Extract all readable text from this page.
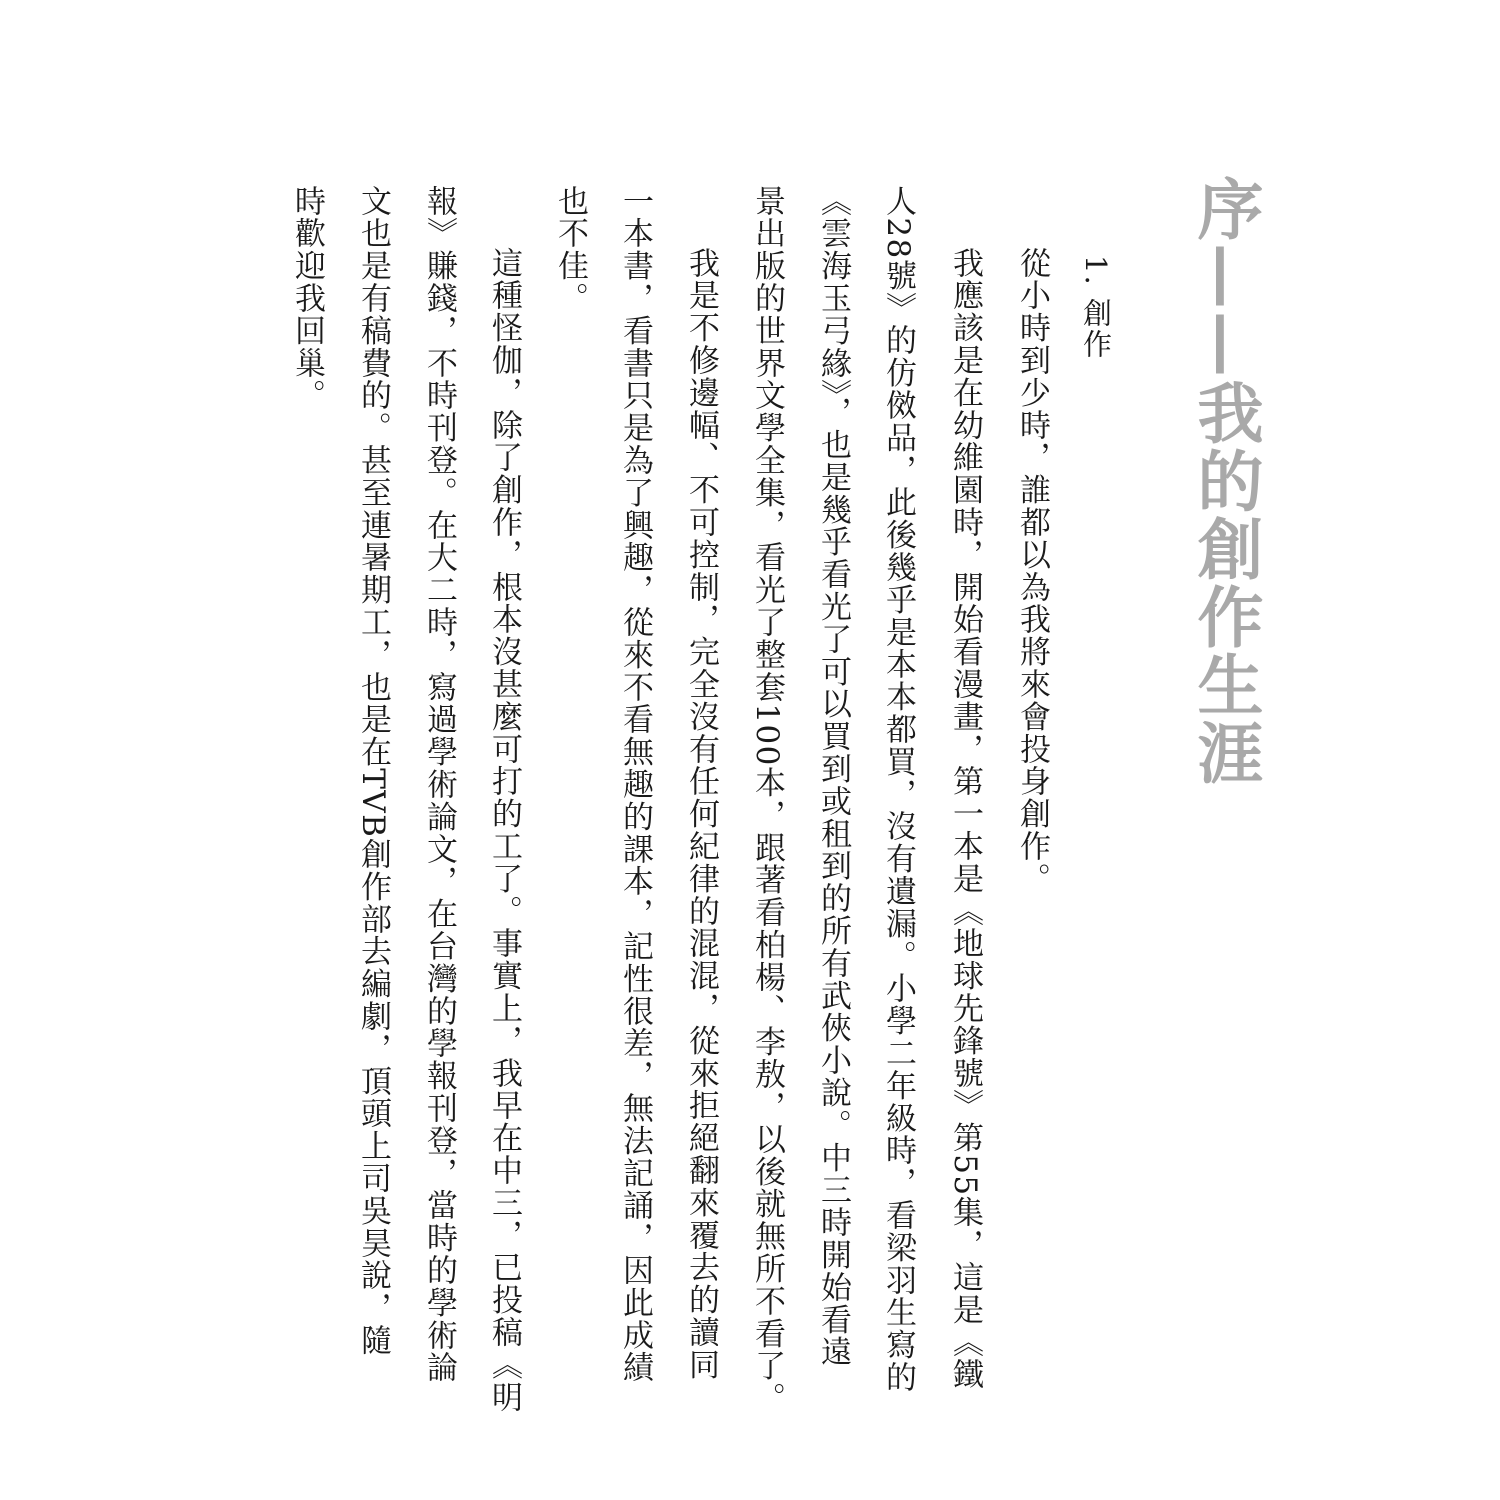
序——我的創作生涯
1. 創作
從小時到少時，誰都以為我將來會投身創作。
我應該是在幼維園時，開始看漫畫，第一本是《地球先鋒號》第55集，這是《鐵
人28號》的仿傚品，此後幾乎是本本都買，沒有遺漏。小學二年級時，看梁羽生寫的
《雲海玉弓緣》，也是幾乎看光了可以買到或租到的所有武俠小說。中三時開始看遠
景出版的世界文學全集，看光了整套100本，跟著看柏楊、李敖，以後就無所不看了。
我是不修邊幅、不可控制，完全沒有任何紀律的混混，從來拒絕翻來覆去的讀同
一本書，看書只是為了興趣，從來不看無趣的課本，記性很差，無法記誦，因此成績
也不佳。
這種怪伽，除了創作，根本沒甚麼可打的工了。事實上，我早在中三，已投稿《明
報》賺錢，不時刊登。在大二時，寫過學術論文，在台灣的學報刊登，當時的學術論
文也是有稿費的。甚至連暑期工，也是在TVB創作部去編劇，頂頭上司吳昊說，隨
時歡迎我回巢。
